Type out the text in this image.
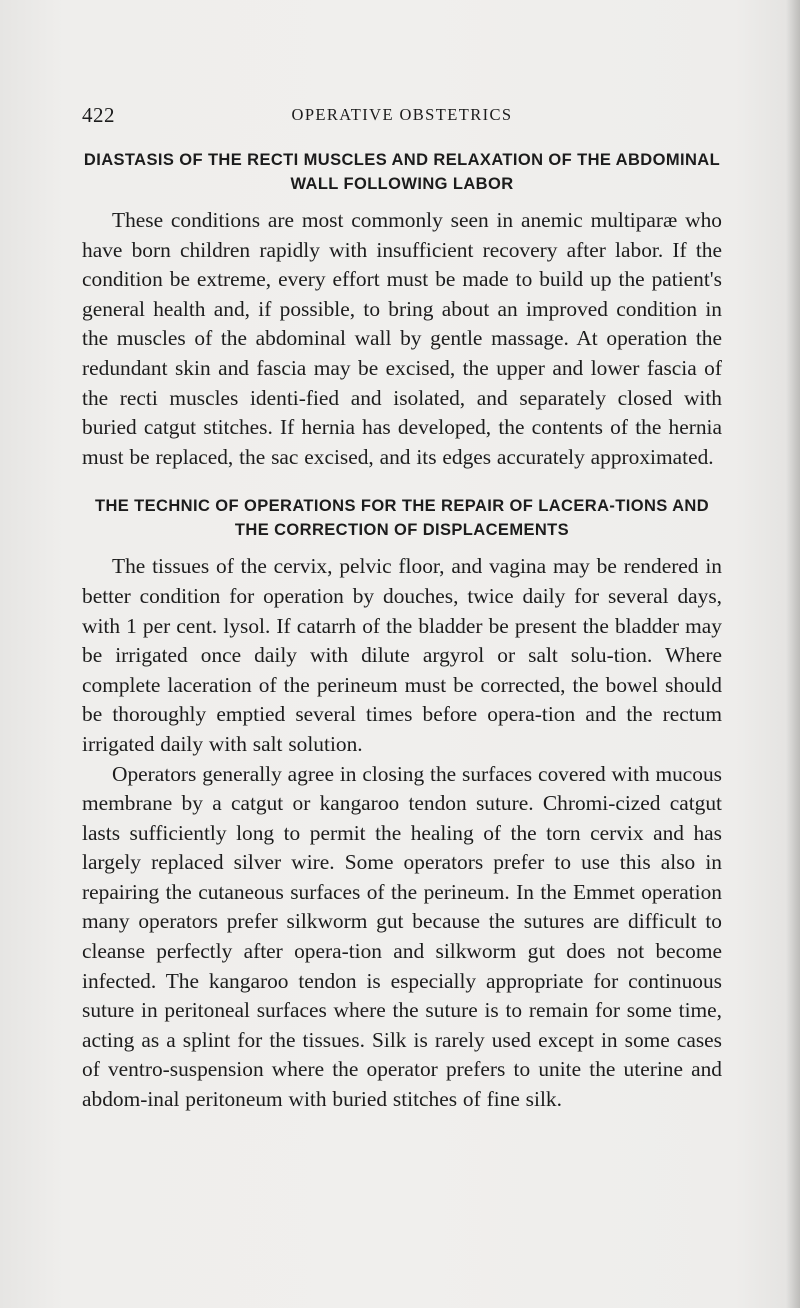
422	OPERATIVE OBSTETRICS
DIASTASIS OF THE RECTI MUSCLES AND RELAXATION OF THE ABDOMINAL WALL FOLLOWING LABOR

These conditions are most commonly seen in anemic multiparæ who have born children rapidly with insufficient recovery after labor. If the condition be extreme, every effort must be made to build up the patient's general health and, if possible, to bring about an improved condition in the muscles of the abdominal wall by gentle massage. At operation the redundant skin and fascia may be excised, the upper and lower fascia of the recti muscles identi-fied and isolated, and separately closed with buried catgut stitches. If hernia has developed, the contents of the hernia must be replaced, the sac excised, and its edges accurately approximated.

THE TECHNIC OF OPERATIONS FOR THE REPAIR OF LACERA-TIONS AND THE CORRECTION OF DISPLACEMENTS

The tissues of the cervix, pelvic floor, and vagina may be rendered in better condition for operation by douches, twice daily for several days, with 1 per cent. lysol. If catarrh of the bladder be present the bladder may be irrigated once daily with dilute argyrol or salt solu-tion. Where complete laceration of the perineum must be corrected, the bowel should be thoroughly emptied several times before opera-tion and the rectum irrigated daily with salt solution.

Operators generally agree in closing the surfaces covered with mucous membrane by a catgut or kangaroo tendon suture. Chromi-cized catgut lasts sufficiently long to permit the healing of the torn cervix and has largely replaced silver wire. Some operators prefer to use this also in repairing the cutaneous surfaces of the perineum. In the Emmet operation many operators prefer silkworm gut because the sutures are difficult to cleanse perfectly after opera-tion and silkworm gut does not become infected. The kangaroo tendon is especially appropriate for continuous suture in peritoneal surfaces where the suture is to remain for some time, acting as a splint for the tissues. Silk is rarely used except in some cases of ventro-suspension where the operator prefers to unite the uterine and abdom-inal peritoneum with buried stitches of fine silk.
